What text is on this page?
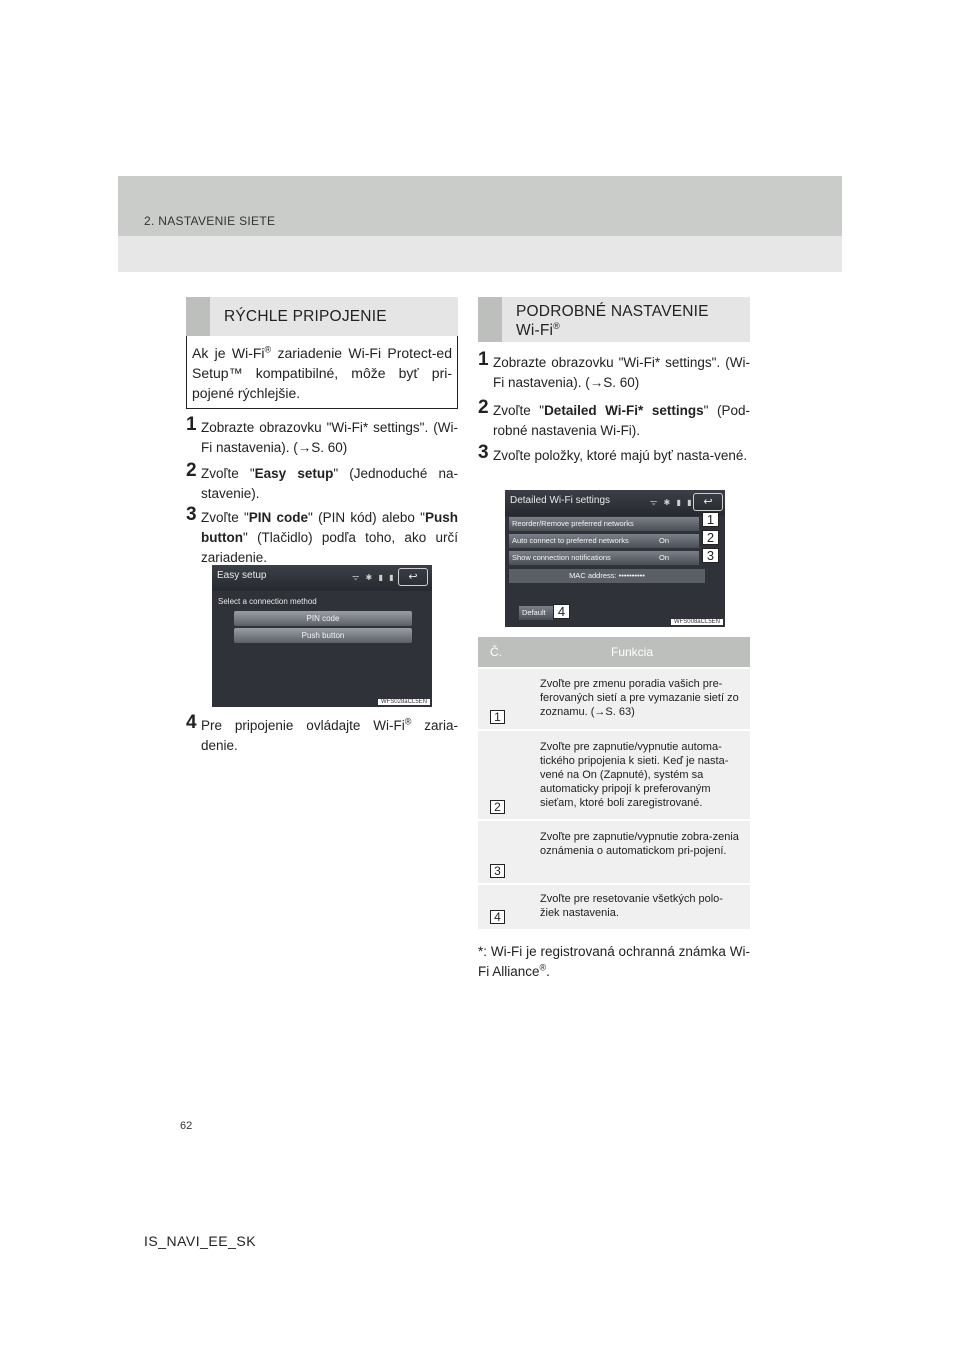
2. NASTAVENIE SIETE
RÝCHLE PRIPOJENIE
Ak je Wi-Fi® zariadenie Wi-Fi Protect-ed Setup™ kompatibilné, môže byť pri-pojené rýchlejšie.
1 Zobrazte obrazovku "Wi-Fi* settings". (Wi-Fi nastavenia). (→S. 60)
2 Zvoľte "Easy setup" (Jednoduché na-stavenie).
3 Zvoľte "PIN code" (PIN kód) alebo "Push button" (Tlačidlo) podľa toho, ako určí zariadenie.
Easy setup	ᯤ ✱ ▮ ▮	↩
Select a connection method
PIN code
Push button
WFS028aCL5EN
4 Pre pripojenie ovládajte Wi-Fi® zaria-denie.
PODROBNÉ NASTAVENIE
Wi-Fi®
1 Zobrazte obrazovku "Wi-Fi* settings". (Wi-Fi nastavenia). (→S. 60)
2 Zvoľte "Detailed Wi-Fi* settings" (Pod-robné nastavenia Wi-Fi).
3 Zvoľte položky, ktoré majú byť nasta-vené.
Detailed Wi-Fi settings	ᯤ ✱ ▮ ▮ ↩
Reorder/Remove preferred networks
Auto connect to preferred networks	On
Show connection notifications	On
MAC address: ••••••••••
Default
1
2
3
4
WFS008aCL5EN
Č.	Funkcia
1
Zvoľte pre zmenu poradia vašich pre-ferovaných sietí a pre vymazanie sietí zo zoznamu. (→S. 63)
2
Zvoľte pre zapnutie/vypnutie automa-tického pripojenia k sieti. Keď je nasta-vené na On (Zapnuté), systém sa automaticky pripojí k preferovaným sieťam, ktoré boli zaregistrované.
3
Zvoľte pre zapnutie/vypnutie zobra-zenia oznámenia o automatickom pri-pojení.
4
Zvoľte pre resetovanie všetkých polo-žiek nastavenia.
*: Wi-Fi je registrovaná ochranná známka Wi-Fi Alliance®.
62
IS_NAVI_EE_SK
